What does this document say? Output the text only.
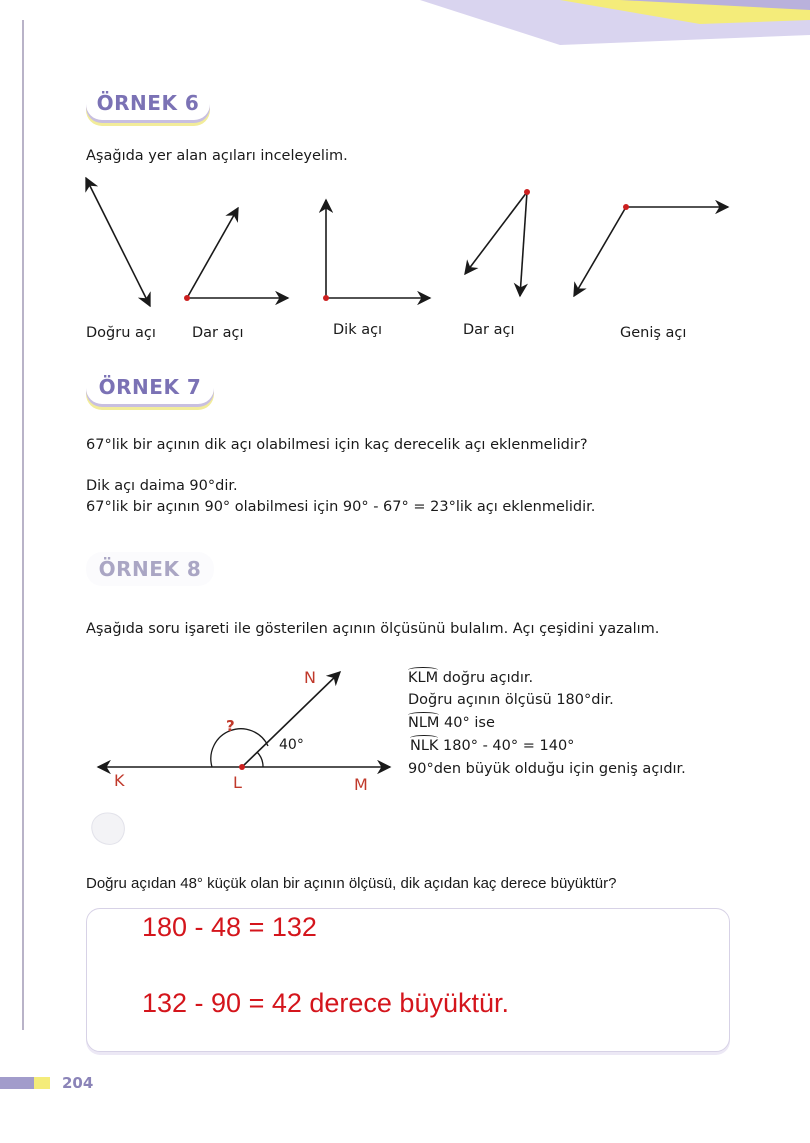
ÖRNEK 6
Aşağıda yer alan açıları inceleyelim.
Doğru açı Dar açı	Dik açı	Dar açı	Geniş açı
ÖRNEK 7
67°lik bir açının dik açı olabilmesi için kaç derecelik açı eklenmelidir?
Dik açı daima 90°dir.
67°lik bir açının 90° olabilmesi için 90° - 67° = 23°lik açı eklenmelidir.
ÖRNEK 8
Aşağıda soru işareti ile gösterilen açının ölçüsünü bulalım. Açı çeşidini yazalım.
N
?
40°
K	L	M
KLM doğru açıdır.
Doğru açının ölçüsü 180°dir.
NLM 40° ise
NLK 180° - 40° = 140°
90°den büyük olduğu için geniş açıdır.
Doğru açıdan 48° küçük olan bir açının ölçüsü, dik açıdan kaç derece büyüktür?
180 - 48 = 132
132 - 90 = 42 derece büyüktür.
204
